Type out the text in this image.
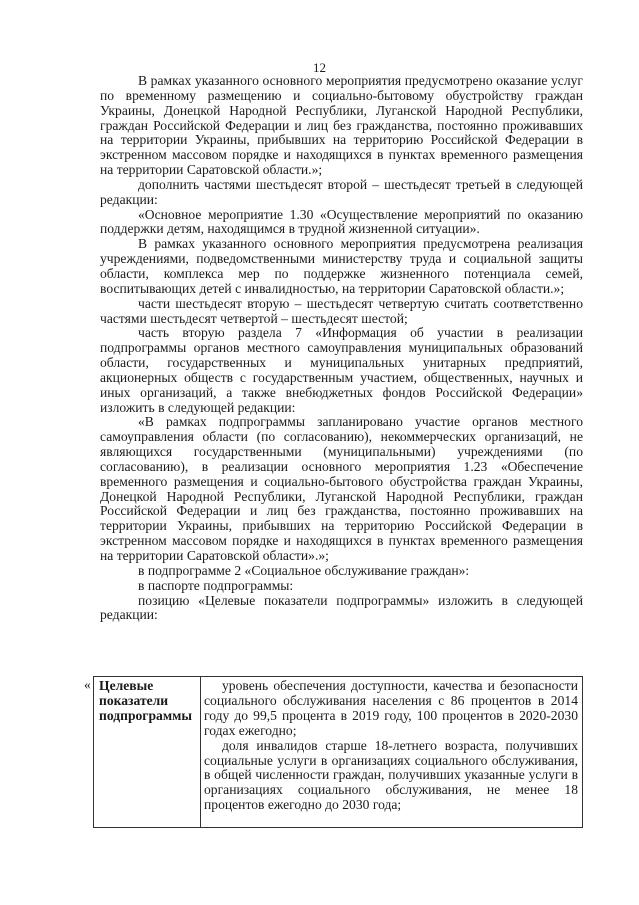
12

В рамках указанного основного мероприятия предусмотрено оказание услуг по временному размещению и социально-бытовому обустройству граждан Украины, Донецкой Народной Республики, Луганской Народной Республики, граждан Российской Федерации и лиц без гражданства, постоянно проживавших на территории Украины, прибывших на территорию Российской Федерации в экстренном массовом порядке и находящихся в пунктах временного размещения на территории Саратовской области.»;

дополнить частями шестьдесят второй – шестьдесят третьей в следующей редакции:

«Основное мероприятие 1.30 «Осуществление мероприятий по оказанию поддержки детям, находящимся в трудной жизненной ситуации».

В рамках указанного основного мероприятия предусмотрена реализация учреждениями, подведомственными министерству труда и социальной защиты области, комплекса мер по поддержке жизненного потенциала семей, воспитывающих детей с инвалидностью, на территории Саратовской области.»;

части шестьдесят вторую – шестьдесят четвертую считать соответственно частями шестьдесят четвертой – шестьдесят шестой;

часть вторую раздела 7 «Информация об участии в реализации подпрограммы органов местного самоуправления муниципальных образований области, государственных и муниципальных унитарных предприятий, акционерных обществ с государственным участием, общественных, научных и иных организаций, а также внебюджетных фондов Российской Федерации» изложить в следующей редакции:

«В рамках подпрограммы запланировано участие органов местного самоуправления области (по согласованию), некоммерческих организаций, не являющихся государственными (муниципальными) учреждениями (по согласованию), в реализации основного мероприятия 1.23 «Обеспечение временного размещения и социально-бытового обустройства граждан Украины, Донецкой Народной Республики, Луганской Народной Республики, граждан Российской Федерации и лиц без гражданства, постоянно проживавших на территории Украины, прибывших на территорию Российской Федерации в экстренном массовом порядке и находящихся в пунктах временного размещения на территории Саратовской области».»;

в подпрограмме 2 «Социальное обслуживание граждан»:

в паспорте подпрограммы:

позицию «Целевые показатели подпрограммы» изложить в следующей редакции:

« Целевые показатели подпрограммы

уровень обеспечения доступности, качества и безопасности социального обслуживания населения с 86 процентов в 2014 году до 99,5 процента в 2019 году, 100 процентов в 2020-2030 годах ежегодно;

доля инвалидов старше 18-летнего возраста, получивших социальные услуги в организациях социального обслуживания, в общей численности граждан, получивших указанные услуги в организациях социального обслуживания, не менее 18 процентов ежегодно до 2030 года;
